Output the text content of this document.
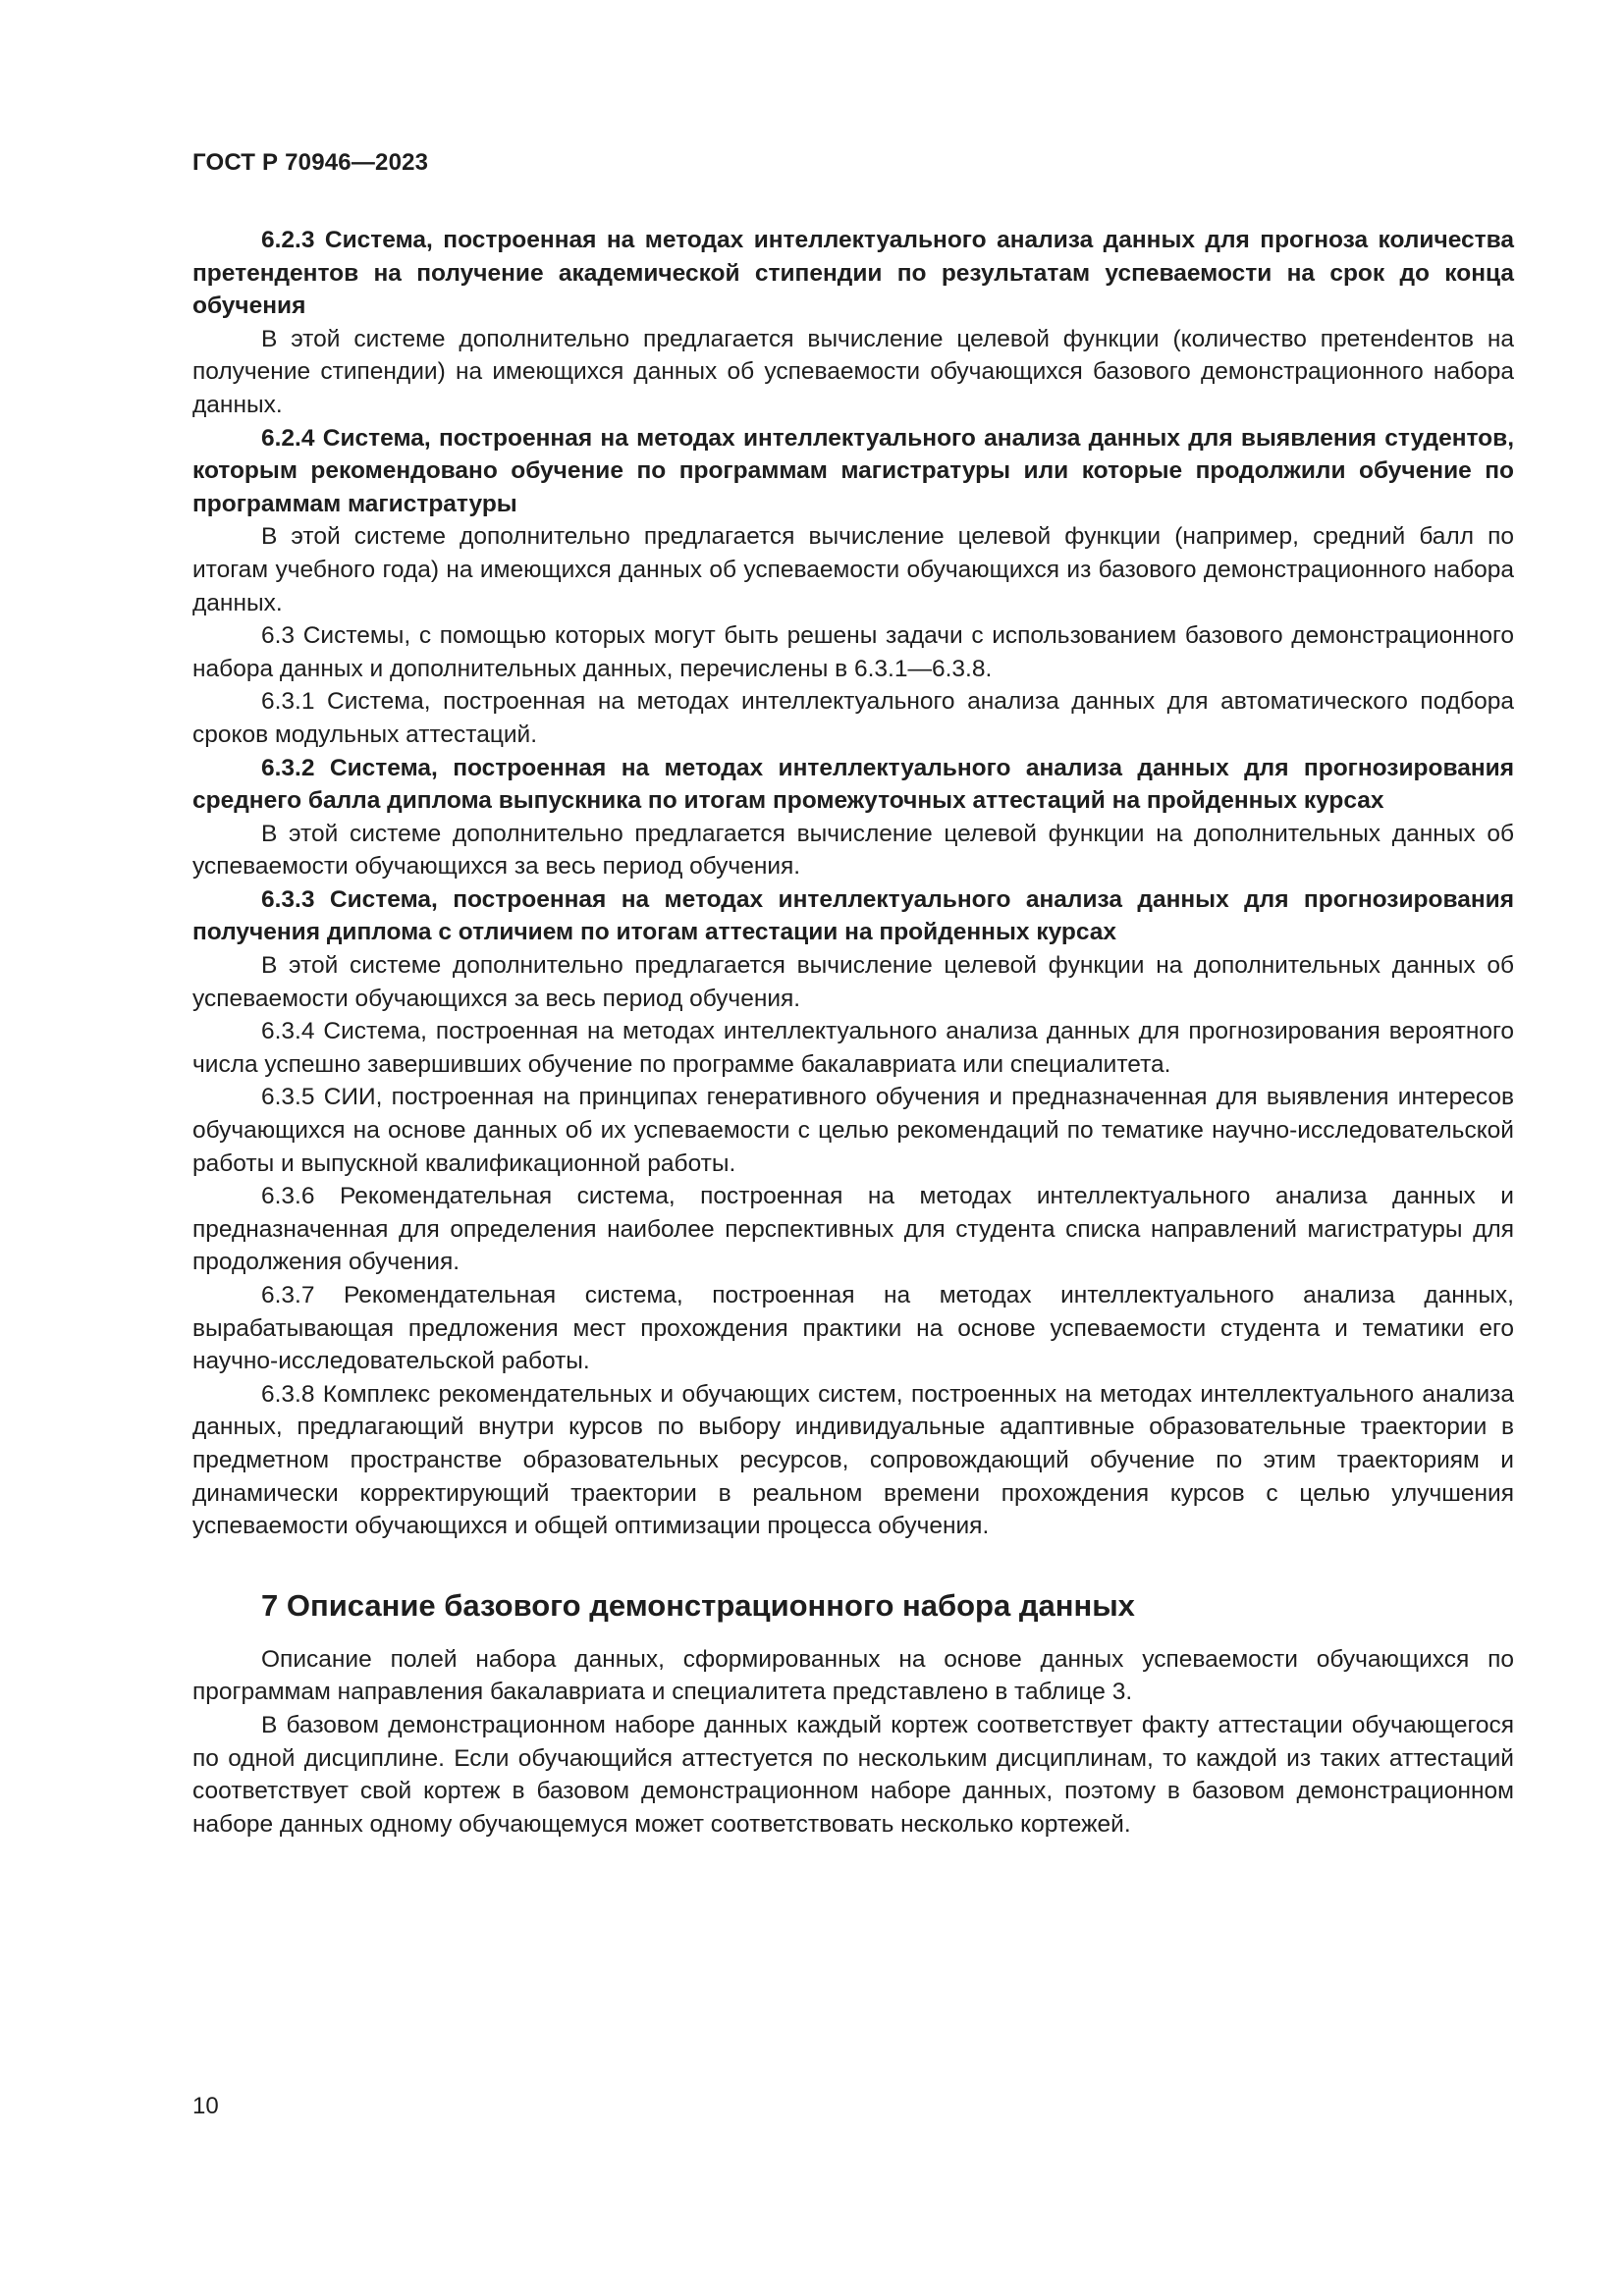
ГОСТ Р 70946—2023

6.2.3 Система, построенная на методах интеллектуального анализа данных для прогноза количества претендентов на получение академической стипендии по результатам успеваемости на срок до конца обучения

В этой системе дополнительно предлагается вычисление целевой функции (количество претенdентов на получение стипендии) на имеющихся данных об успеваемости обучающихся базового демонстрационного набора данных.

6.2.4 Система, построенная на методах интеллектуального анализа данных для выявления студентов, которым рекомендовано обучение по программам магистратуры или которые продолжили обучение по программам магистратуры

В этой системе дополнительно предлагается вычисление целевой функции (например, средний балл по итогам учебного года) на имеющихся данных об успеваемости обучающихся из базового демонстрационного набора данных.

6.3 Системы, с помощью которых могут быть решены задачи с использованием базового демонстрационного набора данных и дополнительных данных, перечислены в 6.3.1—6.3.8.

6.3.1 Система, построенная на методах интеллектуального анализа данных для автоматического подбора сроков модульных аттестаций.

6.3.2 Система, построенная на методах интеллектуального анализа данных для прогнозирования среднего балла диплома выпускника по итогам промежуточных аттестаций на пройденных курсах

В этой системе дополнительно предлагается вычисление целевой функции на дополнительных данных об успеваемости обучающихся за весь период обучения.

6.3.3 Система, построенная на методах интеллектуального анализа данных для прогнозирования получения диплома с отличием по итогам аттестации на пройденных курсах

В этой системе дополнительно предлагается вычисление целевой функции на дополнительных данных об успеваемости обучающихся за весь период обучения.

6.3.4 Система, построенная на методах интеллектуального анализа данных для прогнозирования вероятного числа успешно завершивших обучение по программе бакалавриата или специалитета.

6.3.5 СИИ, построенная на принципах генеративного обучения и предназначенная для выявления интересов обучающихся на основе данных об их успеваемости с целью рекомендаций по тематике научно-исследовательской работы и выпускной квалификационной работы.

6.3.6 Рекомендательная система, построенная на методах интеллектуального анализа данных и предназначенная для определения наиболее перспективных для студента списка направлений магистратуры для продолжения обучения.

6.3.7 Рекомендательная система, построенная на методах интеллектуального анализа данных, вырабатывающая предложения мест прохождения практики на основе успеваемости студента и тематики его научно-исследовательской работы.

6.3.8 Комплекс рекомендательных и обучающих систем, построенных на методах интеллектуального анализа данных, предлагающий внутри курсов по выбору индивидуальные адаптивные образовательные траектории в предметном пространстве образовательных ресурсов, сопровождающий обучение по этим траекториям и динамически корректирующий траектории в реальном времени прохождения курсов с целью улучшения успеваемости обучающихся и общей оптимизации процесса обучения.

7 Описание базового демонстрационного набора данных

Описание полей набора данных, сформированных на основе данных успеваемости обучающихся по программам направления бакалавриата и специалитета представлено в таблице 3.

В базовом демонстрационном наборе данных каждый кортеж соответствует факту аттестации обучающегося по одной дисциплине. Если обучающийся аттестуется по нескольким дисциплинам, то каждой из таких аттестаций соответствует свой кортеж в базовом демонстрационном наборе данных, поэтому в базовом демонстрационном наборе данных одному обучающемуся может соответствовать несколько кортежей.

10
